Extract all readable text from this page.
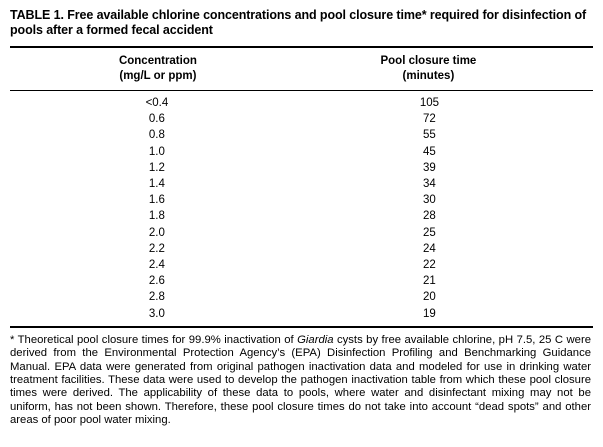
TABLE 1. Free available chlorine concentrations and pool closure time* required for disinfection of pools after a formed fecal accident
Concentration
(mg/L or ppm)
Pool closure time
(minutes)
<0.4	105
0.6	72
0.8	55
1.0	45
1.2	39
1.4	34
1.6	30
1.8	28
2.0	25
2.2	24
2.4	22
2.6	21
2.8	20
3.0	19
* Theoretical pool closure times for 99.9% inactivation of Giardia cysts by free available chlorine, pH 7.5, 25 C were derived from the Environmental Protection Agency’s (EPA) Disinfection Profiling and Benchmarking Guidance Manual. EPA data were generated from original pathogen inactivation data and modeled for use in drinking water treatment facilities. These data were used to develop the pathogen inactivation table from which these pool closure times were derived. The applicability of these data to pools, where water and disinfectant mixing may not be uniform, has not been shown. Therefore, these pool closure times do not take into account “dead spots” and other areas of poor pool water mixing.
